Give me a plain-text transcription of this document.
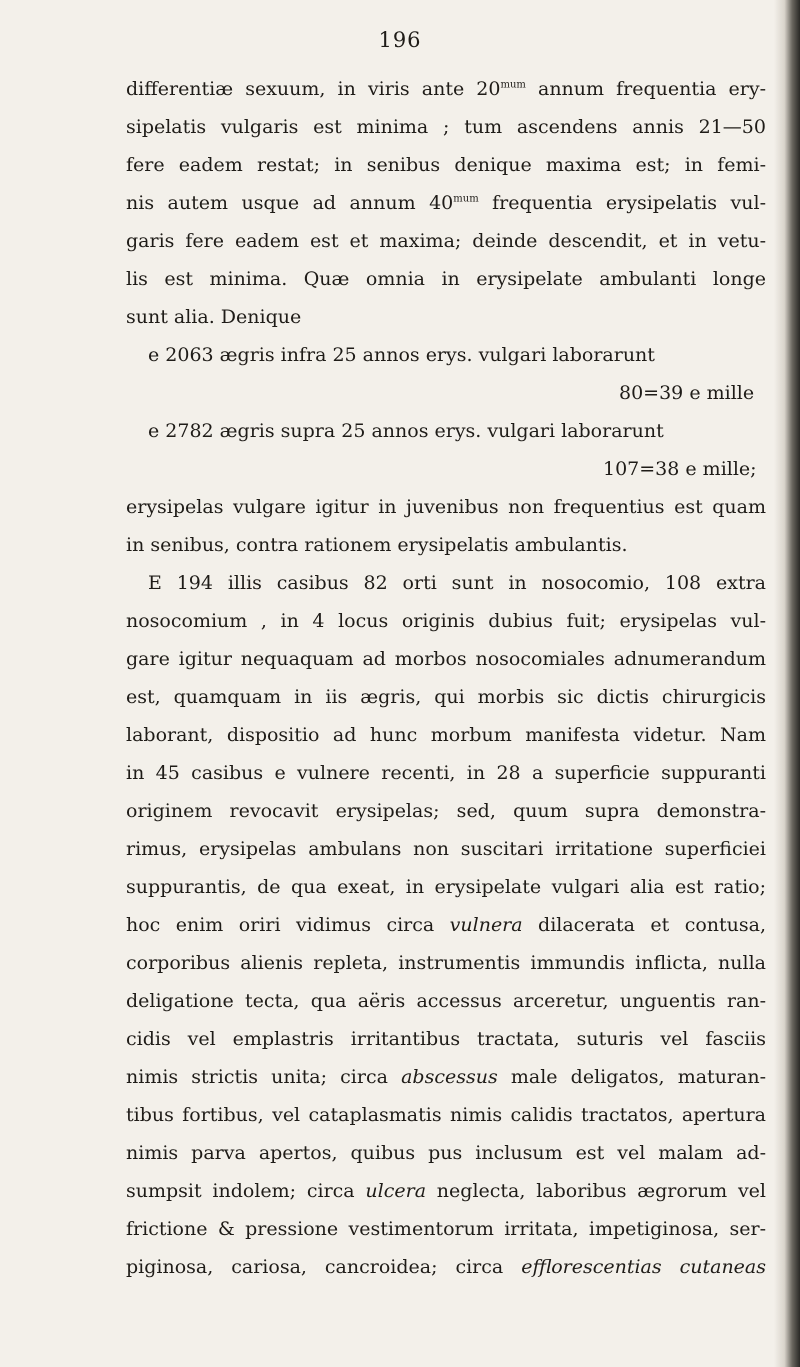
196
differentiæ sexuum, in viris ante $20^{mum}$ annum frequentia ery-
sipelatis vulgaris est minima ; tum ascendens annis 21—50
fere eadem restat; in senibus denique maxima est; in femi-
nis autem usque ad annum $40^{mum}$ frequentia erysipelatis vul-
garis fere eadem est et maxima; deinde descendit, et in vetu-
lis est minima. Quæ omnia in erysipelate ambulanti longe
sunt alia. Denique
e 2063 ægris infra 25 annos erys. vulgari laborarunt
80=39 e mille
e 2782 ægris supra 25 annos erys. vulgari laborarunt
107=38 e mille;
erysipelas vulgare igitur in juvenibus non frequentius est quam
in senibus, contra rationem erysipelatis ambulantis.
E 194 illis casibus 82 orti sunt in nosocomio, 108 extra
nosocomium , in 4 locus originis dubius fuit; erysipelas vul-
gare igitur nequaquam ad morbos nosocomiales adnumerandum
est, quamquam in iis ægris, qui morbis sic dictis chirurgicis
laborant, dispositio ad hunc morbum manifesta videtur. Nam
in 45 casibus e vulnere recenti, in 28 a superficie suppuranti
originem revocavit erysipelas; sed, quum supra demonstra-
rimus, erysipelas ambulans non suscitari irritatione superficiei
suppurantis, de qua exeat, in erysipelate vulgari alia est ratio;
hoc enim oriri vidimus circa vulnera dilacerata et contusa,
corporibus alienis repleta, instrumentis immundis inflicta, nulla
deligatione tecta, qua aëris accessus arceretur, unguentis ran-
cidis vel emplastris irritantibus tractata, suturis vel fasciis
nimis strictis unita; circa abscessus male deligatos, maturan-
tibus fortibus, vel cataplasmatis nimis calidis tractatos, apertura
nimis parva apertos, quibus pus inclusum est vel malam ad-
sumpsit indolem; circa ulcera neglecta, laboribus ægrorum vel
frictione & pressione vestimentorum irritata, impetiginosa, ser-
piginosa, cariosa, cancroidea; circa efflorescentias cutaneas
